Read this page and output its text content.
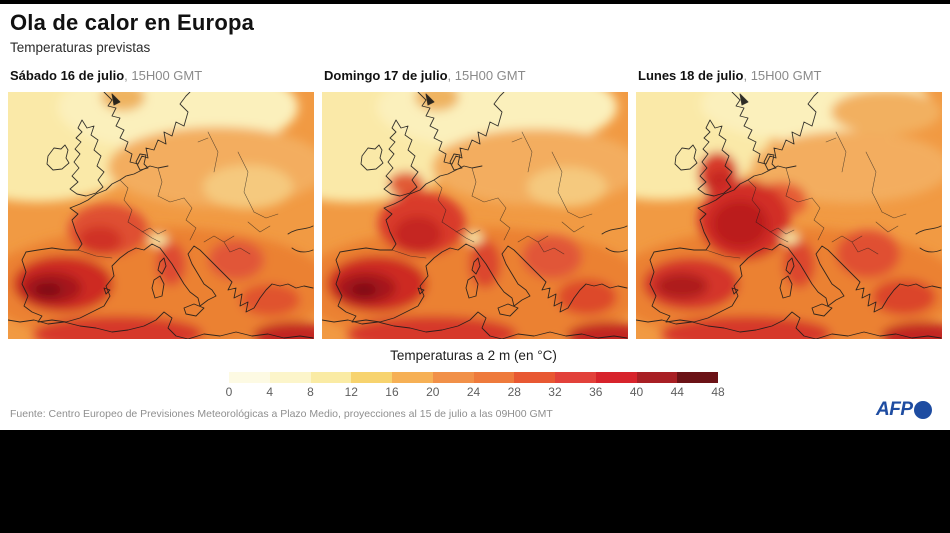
Ola de calor en Europa
Temperaturas previstas
Sábado 16 de julio, 15H00 GMT	Domingo 17 de julio, 15H00 GMT	Lunes 18 de julio, 15H00 GMT
Temperaturas a 2 m (en °C)
0	4	8	12 16 20 24 28 32 36 40 44 48
Fuente: Centro Europeo de Previsiones Meteorológicas a Plazo Medio, proyecciones al 15 de julio a las 09H00 GMT	AFP
